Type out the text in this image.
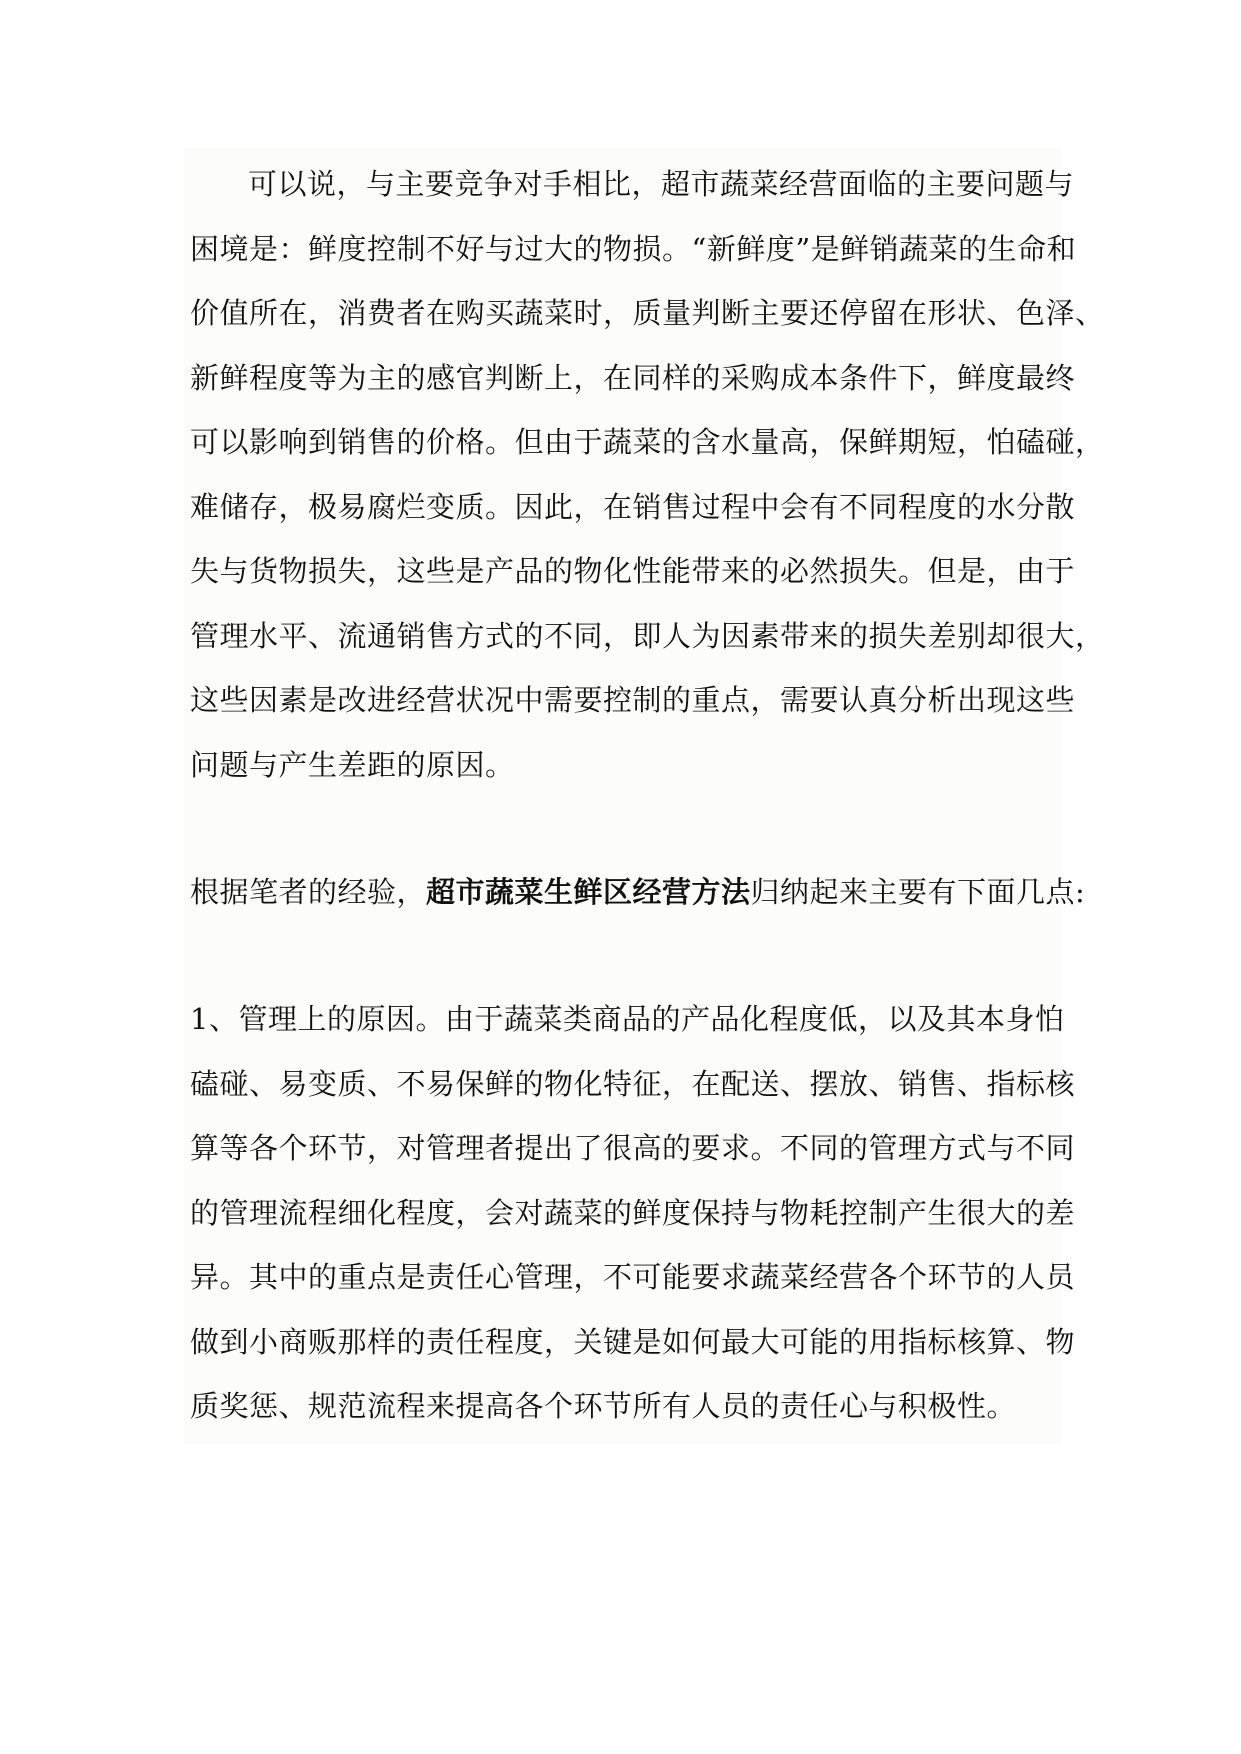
可以说，与主要竞争对手相比，超市蔬菜经营面临的主要问题与
困境是：鲜度控制不好与过大的物损。“新鲜度”是鲜销蔬菜的生命和
价值所在，消费者在购买蔬菜时，质量判断主要还停留在形状、色泽、
新鲜程度等为主的感官判断上，在同样的采购成本条件下，鲜度最终
可以影响到销售的价格。但由于蔬菜的含水量高，保鲜期短，怕磕碰，
难储存，极易腐烂变质。因此，在销售过程中会有不同程度的水分散
失与货物损失，这些是产品的物化性能带来的必然损失。但是，由于
管理水平、流通销售方式的不同，即人为因素带来的损失差别却很大，
这些因素是改进经营状况中需要控制的重点，需要认真分析出现这些
问题与产生差距的原因。
根据笔者的经验，超市蔬菜生鲜区经营方法归纳起来主要有下面几点:
1、管理上的原因。由于蔬菜类商品的产品化程度低，以及其本身怕
磕碰、易变质、不易保鲜的物化特征，在配送、摆放、销售、指标核
算等各个环节，对管理者提出了很高的要求。不同的管理方式与不同
的管理流程细化程度，会对蔬菜的鲜度保持与物耗控制产生很大的差
异。其中的重点是责任心管理，不可能要求蔬菜经营各个环节的人员
做到小商贩那样的责任程度，关键是如何最大可能的用指标核算、物
质奖惩、规范流程来提高各个环节所有人员的责任心与积极性。
